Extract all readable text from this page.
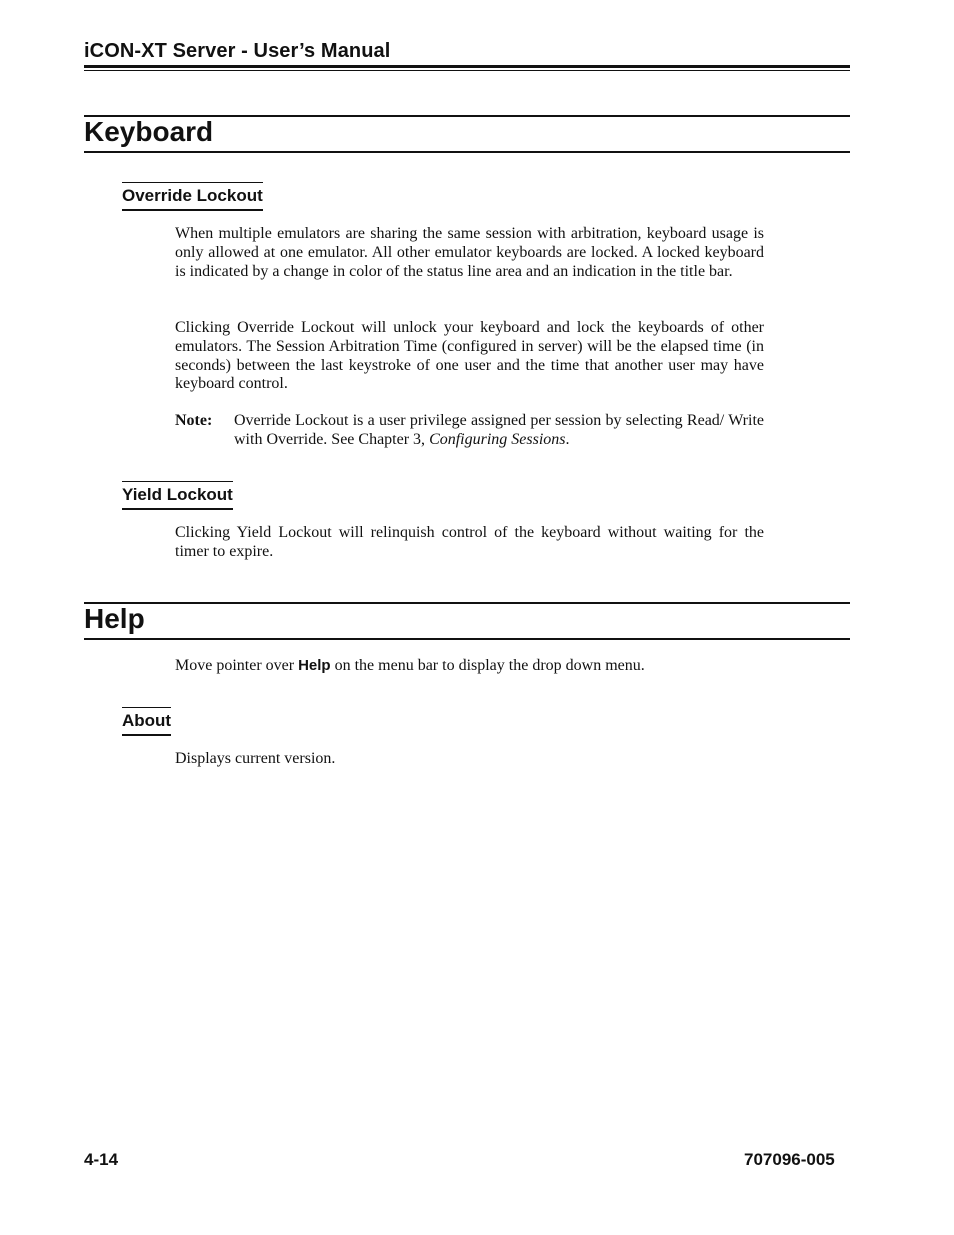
iCON-XT Server - User’s Manual
Keyboard
Override Lockout
When multiple emulators are sharing the same session with arbitration, keyboard usage is only allowed at one emulator. All other emulator keyboards are locked. A locked keyboard is indicated by a change in color of the status line area and an indication in the title bar.
Clicking Override Lockout will unlock your keyboard and lock the keyboards of other emulators. The Session Arbitration Time (configured in server) will be the elapsed time (in seconds) between the last keystroke of one user and the time that another user may have keyboard control.
Note: Override Lockout is a user privilege assigned per session by selecting Read/ Write with Override. See Chapter 3, Configuring Sessions.
Yield Lockout
Clicking Yield Lockout will relinquish control of the keyboard without waiting for the timer to expire.
Help
Move pointer over Help on the menu bar to display the drop down menu.
About
Displays current version.
4-14	707096-005
